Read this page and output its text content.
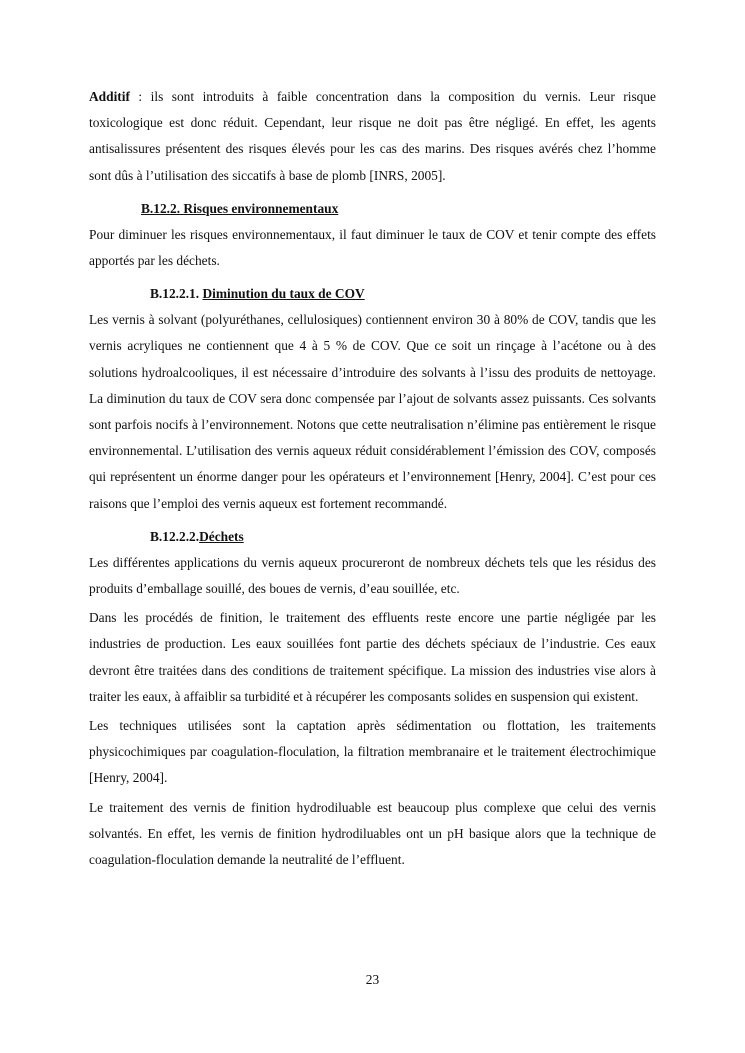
Additif : ils sont introduits à faible concentration dans la composition du vernis. Leur risque toxicologique est donc réduit. Cependant, leur risque ne doit pas être négligé. En effet, les agents antisalissures présentent des risques élevés pour les cas des marins. Des risques avérés chez l’homme sont dûs à l’utilisation des siccatifs à base de plomb [INRS, 2005].

B.12.2. Risques environnementaux

Pour diminuer les risques environnementaux, il faut diminuer le taux de COV et tenir compte des effets apportés par les déchets.

B.12.2.1. Diminution du taux de COV

Les vernis à solvant (polyuréthanes, cellulosiques) contiennent environ 30 à 80% de COV, tandis que les vernis acryliques ne contiennent que 4 à 5 % de COV. Que ce soit un rinçage à l’acétone ou à des solutions hydroalcooliques, il est nécessaire d’introduire des solvants à l’issu des produits de nettoyage. La diminution du taux de COV sera donc compensée par l’ajout de solvants assez puissants. Ces solvants sont parfois nocifs à l’environnement. Notons que cette neutralisation n’élimine pas entièrement le risque environnemental. L’utilisation des vernis aqueux réduit considérablement l’émission des COV, composés qui représentent un énorme danger pour les opérateurs et l’environnement [Henry, 2004]. C’est pour ces raisons que l’emploi des vernis aqueux est fortement recommandé.

B.12.2.2.Déchets

Les différentes applications du vernis aqueux procureront de nombreux déchets tels que les résidus des produits d’emballage souillé, des boues de vernis, d’eau souillée, etc.

Dans les procédés de finition, le traitement des effluents reste encore une partie négligée par les industries de production. Les eaux souillées font partie des déchets spéciaux de l’industrie. Ces eaux devront être traitées dans des conditions de traitement spécifique. La mission des industries vise alors à traiter les eaux, à affaiblir sa turbidité et à récupérer les composants solides en suspension qui existent.

Les techniques utilisées sont la captation après sédimentation ou flottation, les traitements physicochimiques par coagulation-floculation, la filtration membranaire et le traitement électrochimique [Henry, 2004].

Le traitement des vernis de finition hydrodiluable est beaucoup plus complexe que celui des vernis solvantés. En effet, les vernis de finition hydrodiluables ont un pH basique alors que la technique de coagulation-floculation demande la neutralité de l’effluent.

23
